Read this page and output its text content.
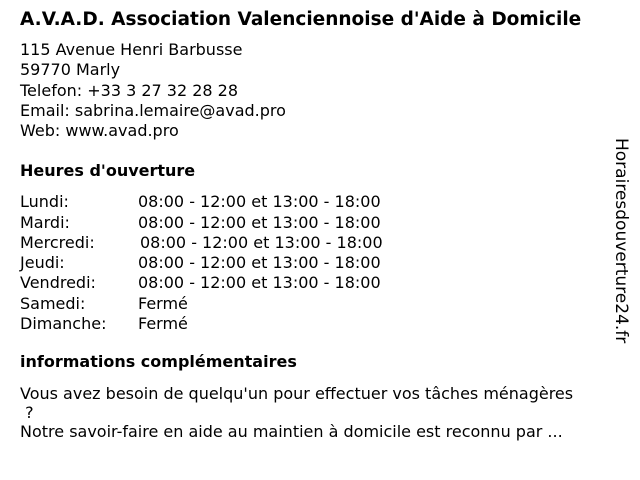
A.V.A.D. Association Valenciennoise d'Aide à Domicile
115 Avenue Henri Barbusse
59770 Marly
Telefon: +33 3 27 32 28 28
Email: sabrina.lemaire@avad.pro
Web: www.avad.pro
Heures d'ouverture
Lundi:	08:00 - 12:00 et 13:00 - 18:00
Mardi:	08:00 - 12:00 et 13:00 - 18:00
Mercredi:	08:00 - 12:00 et 13:00 - 18:00
Jeudi:	08:00 - 12:00 et 13:00 - 18:00
Vendredi:	08:00 - 12:00 et 13:00 - 18:00
Samedi:	Fermé
Dimanche:	Fermé
informations complémentaires
Vous avez besoin de quelqu'un pour effectuer vos tâches ménagères
?
Notre savoir-faire en aide au maintien à domicile est reconnu par ...
Horairesdouverture24.fr
